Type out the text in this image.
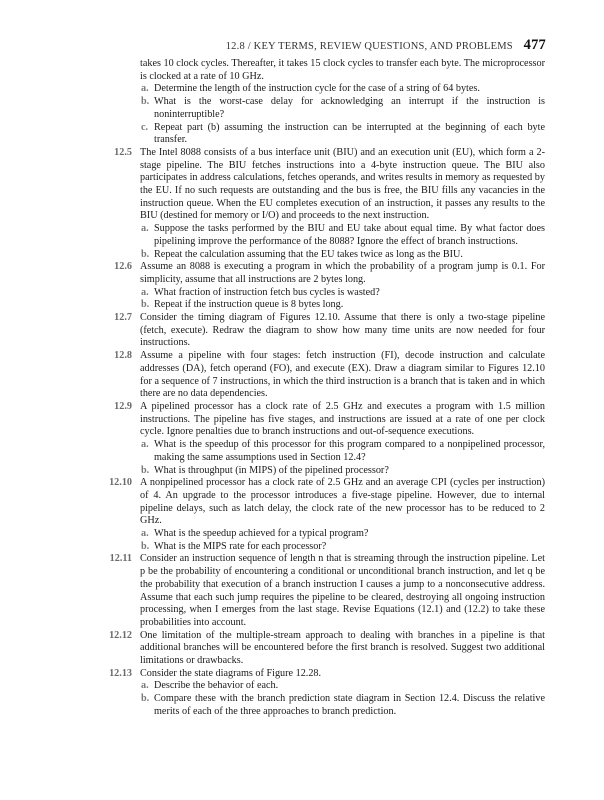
12.8 / KEY TERMS, REVIEW QUESTIONS, AND PROBLEMS 477

takes 10 clock cycles. Thereafter, it takes 15 clock cycles to transfer each byte. The microprocessor is clocked at a rate of 10 GHz.

a. Determine the length of the instruction cycle for the case of a string of 64 bytes.

b. What is the worst-case delay for acknowledging an interrupt if the instruction is noninterruptible?

c. Repeat part (b) assuming the instruction can be interrupted at the beginning of each byte transfer.

12.5 The Intel 8088 consists of a bus interface unit (BIU) and an execution unit (EU), which form a 2-stage pipeline. The BIU fetches instructions into a 4-byte instruction queue. The BIU also participates in address calculations, fetches operands, and writes results in memory as requested by the EU. If no such requests are outstanding and the bus is free, the BIU fills any vacancies in the instruction queue. When the EU completes execution of an instruction, it passes any results to the BIU (destined for memory or I/O) and proceeds to the next instruction.

a. Suppose the tasks performed by the BIU and EU take about equal time. By what factor does pipelining improve the performance of the 8088? Ignore the effect of branch instructions.

b. Repeat the calculation assuming that the EU takes twice as long as the BIU.

12.6 Assume an 8088 is executing a program in which the probability of a program jump is 0.1. For simplicity, assume that all instructions are 2 bytes long.

a. What fraction of instruction fetch bus cycles is wasted?

b. Repeat if the instruction queue is 8 bytes long.

12.7 Consider the timing diagram of Figures 12.10. Assume that there is only a two-stage pipeline (fetch, execute). Redraw the diagram to show how many time units are now needed for four instructions.

12.8 Assume a pipeline with four stages: fetch instruction (FI), decode instruction and calculate addresses (DA), fetch operand (FO), and execute (EX). Draw a diagram similar to Figures 12.10 for a sequence of 7 instructions, in which the third instruction is a branch that is taken and in which there are no data dependencies.

12.9 A pipelined processor has a clock rate of 2.5 GHz and executes a program with 1.5 million instructions. The pipeline has five stages, and instructions are issued at a rate of one per clock cycle. Ignore penalties due to branch instructions and out-of-sequence executions.

a. What is the speedup of this processor for this program compared to a nonpipelined processor, making the same assumptions used in Section 12.4?

b. What is throughput (in MIPS) of the pipelined processor?

12.10 A nonpipelined processor has a clock rate of 2.5 GHz and an average CPI (cycles per instruction) of 4. An upgrade to the processor introduces a five-stage pipeline. However, due to internal pipeline delays, such as latch delay, the clock rate of the new processor has to be reduced to 2 GHz.

a. What is the speedup achieved for a typical program?

b. What is the MIPS rate for each processor?

12.11 Consider an instruction sequence of length n that is streaming through the instruction pipeline. Let p be the probability of encountering a conditional or unconditional branch instruction, and let q be the probability that execution of a branch instruction I causes a jump to a nonconsecutive address. Assume that each such jump requires the pipeline to be cleared, destroying all ongoing instruction processing, when I emerges from the last stage. Revise Equations (12.1) and (12.2) to take these probabilities into account.

12.12 One limitation of the multiple-stream approach to dealing with branches in a pipeline is that additional branches will be encountered before the first branch is resolved. Suggest two additional limitations or drawbacks.

12.13 Consider the state diagrams of Figure 12.28.

a. Describe the behavior of each.

b. Compare these with the branch prediction state diagram in Section 12.4. Discuss the relative merits of each of the three approaches to branch prediction.
